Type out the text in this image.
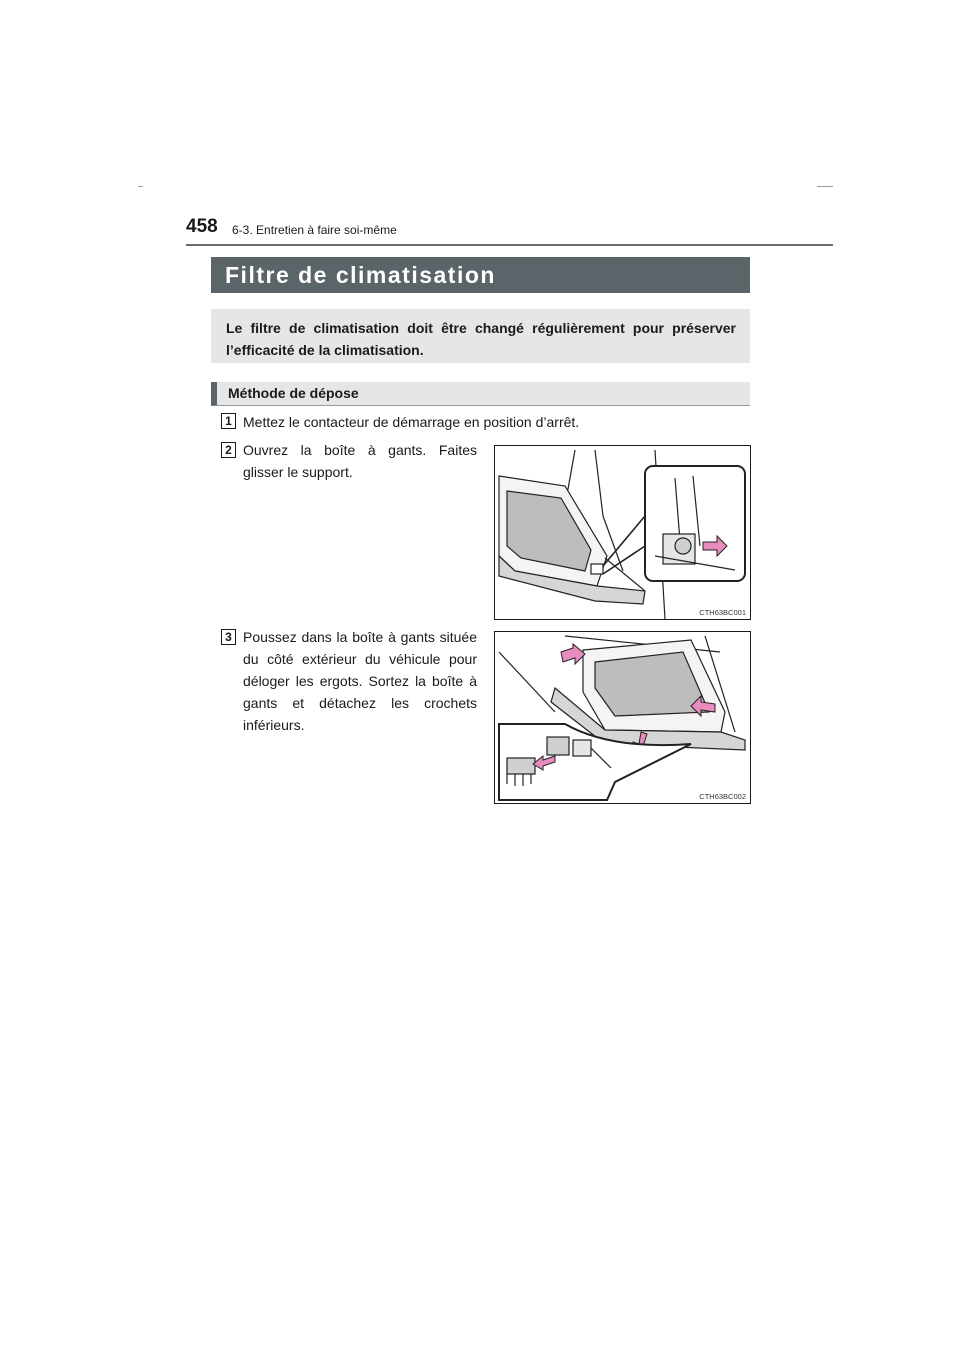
458 6-3. Entretien à faire soi-même
Filtre de climatisation
Le filtre de climatisation doit être changé régulièrement pour préserver l’efficacité de la climatisation.
Méthode de dépose
1 Mettez le contacteur de démarrage en position d’arrêt.
2 Ouvrez la boîte à gants. Faites glisser le support.
CTH63BC001
3 Poussez dans la boîte à gants située du côté extérieur du véhicule pour déloger les ergots. Sortez la boîte à gants et détachez les crochets inférieurs.
CTH63BC002
